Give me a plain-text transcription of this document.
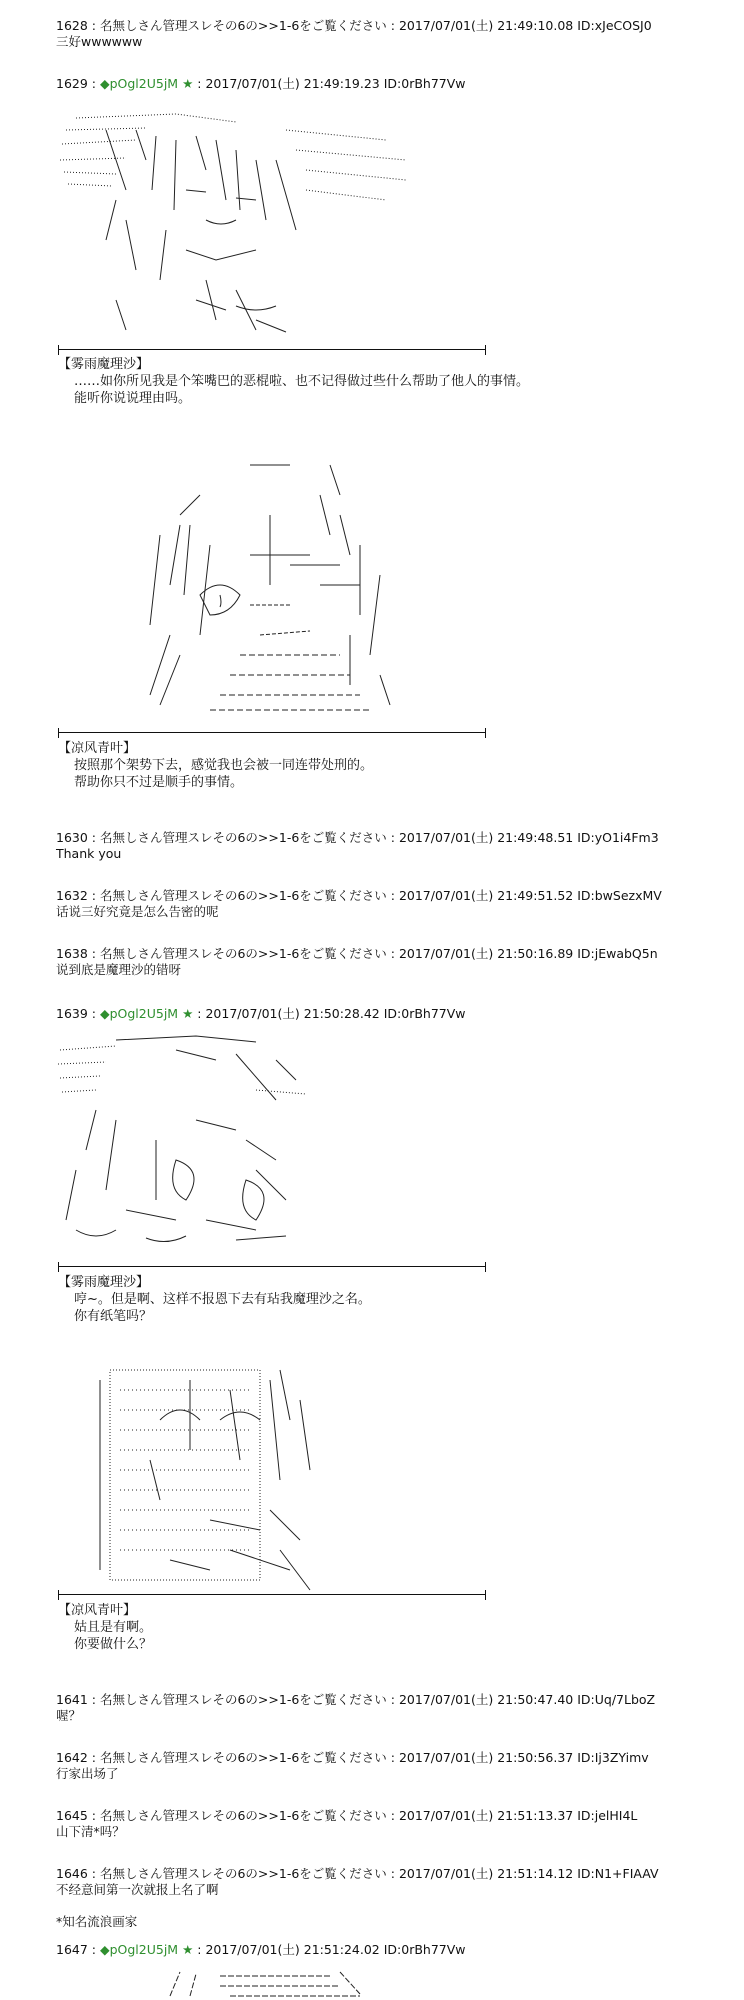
1628 : 名無しさん管理スレその6の>>1-6をご覧ください : 2017/07/01(土) 21:49:10.08 ID:xJeCOSJ0
三好wwwwww
1629 : ◆pOgl2U5jM ★ : 2017/07/01(土) 21:49:19.23 ID:0rBh77Vw
【雾雨魔理沙】
……如你所见我是个笨嘴巴的恶棍啦、也不记得做过些什么帮助了他人的事情。
能听你说说理由吗。
【凉风青叶】
按照那个架势下去，感觉我也会被一同连带处刑的。
帮助你只不过是顺手的事情。
1630 : 名無しさん管理スレその6の>>1-6をご覧ください : 2017/07/01(土) 21:49:48.51 ID:yO1i4Fm3
Thank you
1632 : 名無しさん管理スレその6の>>1-6をご覧ください : 2017/07/01(土) 21:49:51.52 ID:bwSezxMV
话说三好究竟是怎么告密的呢
1638 : 名無しさん管理スレその6の>>1-6をご覧ください : 2017/07/01(土) 21:50:16.89 ID:jEwabQ5n
说到底是魔理沙的错呀
1639 : ◆pOgl2U5jM ★ : 2017/07/01(土) 21:50:28.42 ID:0rBh77Vw
【雾雨魔理沙】
哼~。但是啊、这样不报恩下去有玷我魔理沙之名。
你有纸笔吗？
【凉风青叶】
姑且是有啊。
你要做什么？
1641 : 名無しさん管理スレその6の>>1-6をご覧ください : 2017/07/01(土) 21:50:47.40 ID:Uq/7LboZ
喔？
1642 : 名無しさん管理スレその6の>>1-6をご覧ください : 2017/07/01(土) 21:50:56.37 ID:Ij3ZYimv
行家出场了
1645 : 名無しさん管理スレその6の>>1-6をご覧ください : 2017/07/01(土) 21:51:13.37 ID:jelHI4L
山下清*吗？
1646 : 名無しさん管理スレその6の>>1-6をご覧ください : 2017/07/01(土) 21:51:14.12 ID:N1+FIAAV
不经意间第一次就报上名了啊

*知名流浪画家
1647 : ◆pOgl2U5jM ★ : 2017/07/01(土) 21:51:24.02 ID:0rBh77Vw
